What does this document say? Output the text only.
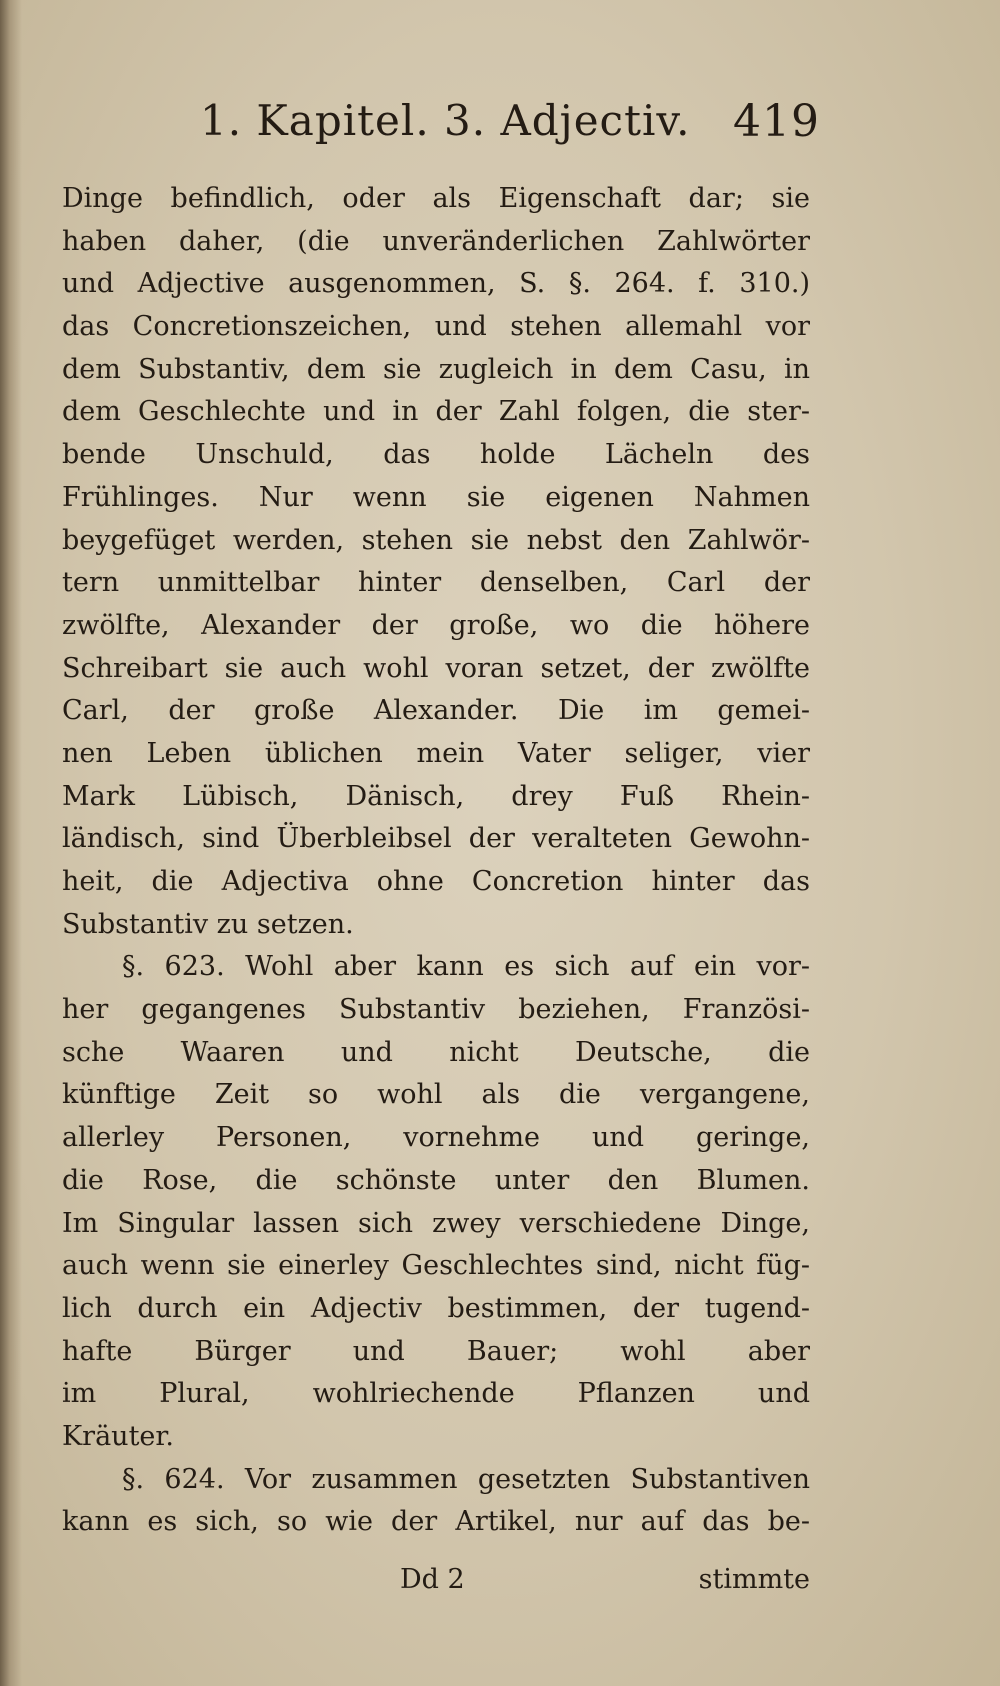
1. Kapitel. 3. Adjectiv. 419
Dinge befindlich, oder als Eigenschaft dar; sie
haben daher, (die unveränderlichen Zahlwörter
und Adjective ausgenommen, S. §. 264. f. 310.)
das Concretionszeichen, und stehen allemahl vor
dem Substantiv, dem sie zugleich in dem Casu, in
dem Geschlechte und in der Zahl folgen, die ster-
bende Unschuld, das holde Lächeln des
Frühlinges. Nur wenn sie eigenen Nahmen
beygefüget werden, stehen sie nebst den Zahlwör-
tern unmittelbar hinter denselben, Carl der
zwölfte, Alexander der große, wo die höhere
Schreibart sie auch wohl voran setzet, der zwölfte
Carl, der große Alexander. Die im gemei-
nen Leben üblichen mein Vater seliger, vier
Mark Lübisch, Dänisch, drey Fuß Rhein-
ländisch, sind Überbleibsel der veralteten Gewohn-
heit, die Adjectiva ohne Concretion hinter das
Substantiv zu setzen.
§. 623. Wohl aber kann es sich auf ein vor-
her gegangenes Substantiv beziehen, Französi-
sche Waaren und nicht Deutsche, die
künftige Zeit so wohl als die vergangene,
allerley Personen, vornehme und geringe,
die Rose, die schönste unter den Blumen.
Im Singular lassen sich zwey verschiedene Dinge,
auch wenn sie einerley Geschlechtes sind, nicht füg-
lich durch ein Adjectiv bestimmen, der tugend-
hafte Bürger und Bauer; wohl aber
im Plural, wohlriechende Pflanzen und
Kräuter.
§. 624. Vor zusammen gesetzten Substantiven
kann es sich, so wie der Artikel, nur auf das be-
Dd 2	stimmte
